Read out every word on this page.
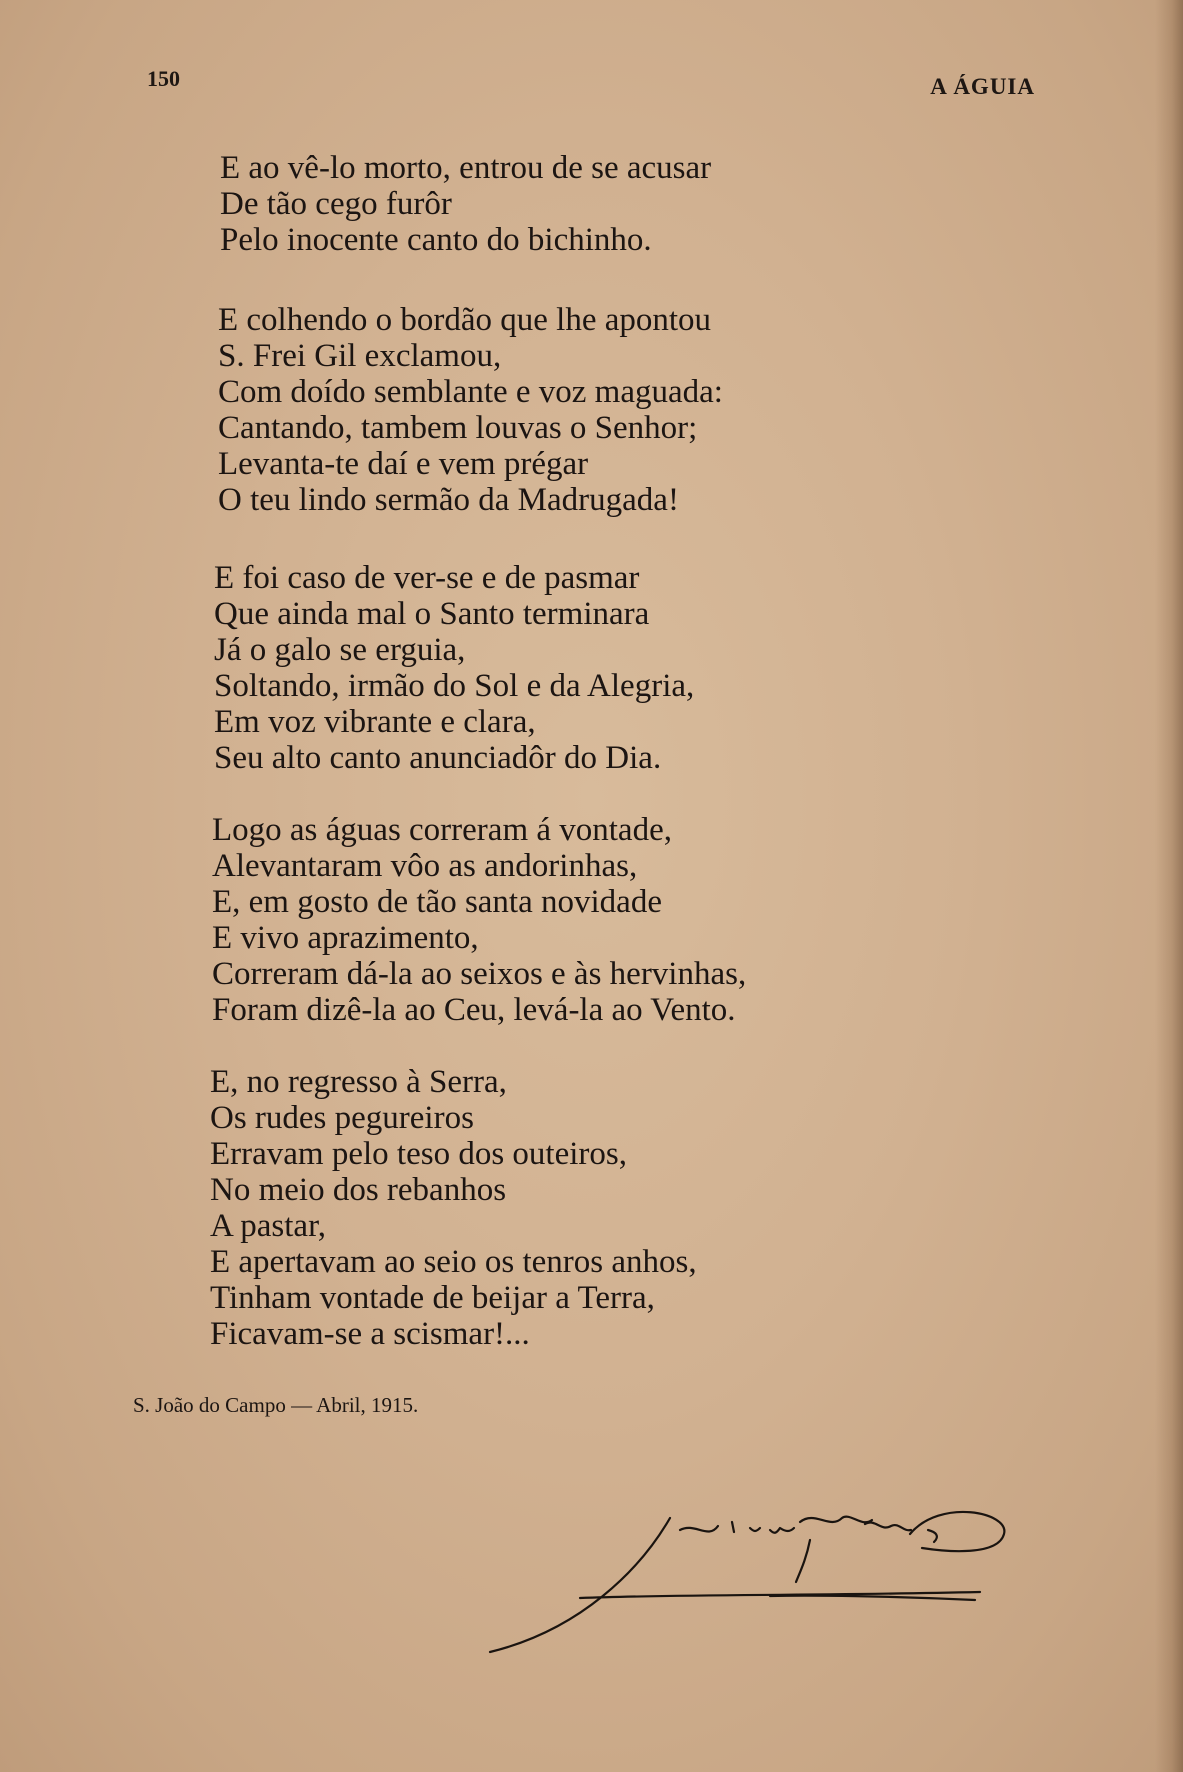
150	A ÁGUIA
E ao vê-lo morto, entrou de se acusar
De tão cego furôr
Pelo inocente canto do bichinho.
E colhendo o bordão que lhe apontou
S. Frei Gil exclamou,
Com doído semblante e voz maguada:
Cantando, tambem louvas o Senhor;
Levanta-te daí e vem prégar
O teu lindo sermão da Madrugada!
E foi caso de ver-se e de pasmar
Que ainda mal o Santo terminara
Já o galo se erguia,
Soltando, irmão do Sol e da Alegria,
Em voz vibrante e clara,
Seu alto canto anunciadôr do Dia.
Logo as águas correram á vontade,
Alevantaram vôo as andorinhas,
E, em gosto de tão santa novidade
E vivo aprazimento,
Correram dá-la ao seixos e às hervinhas,
Foram dizê-la ao Ceu, levá-la ao Vento.
E, no regresso à Serra,
Os rudes pegureiros
Erravam pelo teso dos outeiros,
No meio dos rebanhos
A pastar,
E apertavam ao seio os tenros anhos,
Tinham vontade de beijar a Terra,
Ficavam-se a scismar!...
S. João do Campo — Abril, 1915.
